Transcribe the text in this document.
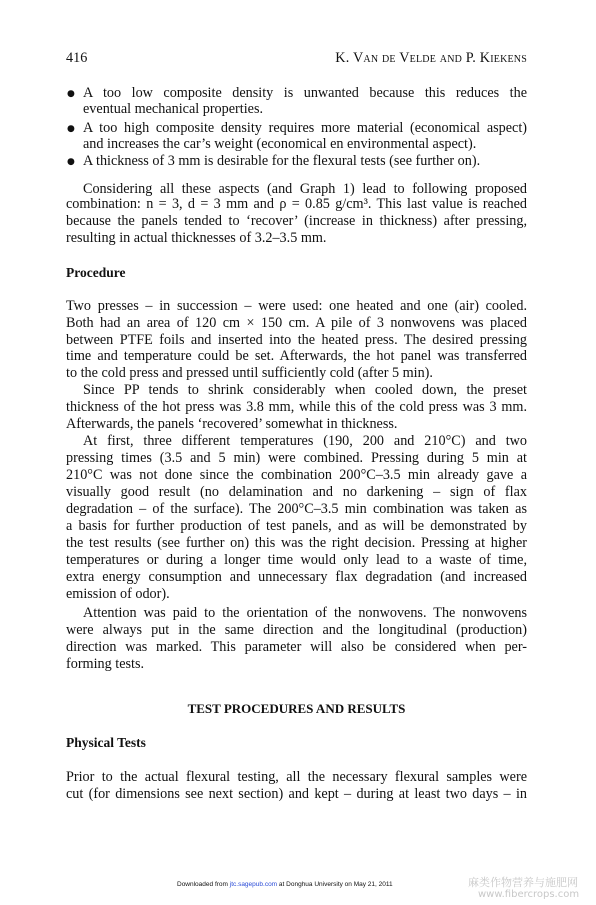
416	K. Van de Velde and P. Kiekens
● A too low composite density is unwanted because this reduces the
eventual mechanical properties.
● A too high composite density requires more material (economical aspect)
and increases the car’s weight (economical en environmental aspect).
● A thickness of 3 mm is desirable for the flexural tests (see further on).
Considering all these aspects (and Graph 1) lead to following proposed
combination: n = 3, d = 3 mm and ρ = 0.85 g/cm³. This last value is reached
because the panels tended to ‘recover’ (increase in thickness) after pressing,
resulting in actual thicknesses of 3.2–3.5 mm.
Procedure
Two presses – in succession – were used: one heated and one (air) cooled.
Both had an area of 120 cm × 150 cm. A pile of 3 nonwovens was placed
between PTFE foils and inserted into the heated press. The desired pressing
time and temperature could be set. Afterwards, the hot panel was transferred
to the cold press and pressed until sufficiently cold (after 5 min).
Since PP tends to shrink considerably when cooled down, the preset
thickness of the hot press was 3.8 mm, while this of the cold press was 3 mm.
Afterwards, the panels ‘recovered’ somewhat in thickness.
At first, three different temperatures (190, 200 and 210°C) and two
pressing times (3.5 and 5 min) were combined. Pressing during 5 min at
210°C was not done since the combination 200°C–3.5 min already gave a
visually good result (no delamination and no darkening – sign of flax
degradation – of the surface). The 200°C–3.5 min combination was taken as
a basis for further production of test panels, and as will be demonstrated by
the test results (see further on) this was the right decision. Pressing at higher
temperatures or during a longer time would only lead to a waste of time,
extra energy consumption and unnecessary flax degradation (and increased
emission of odor).
Attention was paid to the orientation of the nonwovens. The nonwovens
were always put in the same direction and the longitudinal (production)
direction was marked. This parameter will also be considered when per-
forming tests.
TEST PROCEDURES AND RESULTS
Physical Tests
Prior to the actual flexural testing, all the necessary flexural samples were
cut (for dimensions see next section) and kept – during at least two days – in
Downloaded from jtc.sagepub.com at Donghua University on May 21, 2011	麻类作物营养与施肥网
www.fibercrops.com
